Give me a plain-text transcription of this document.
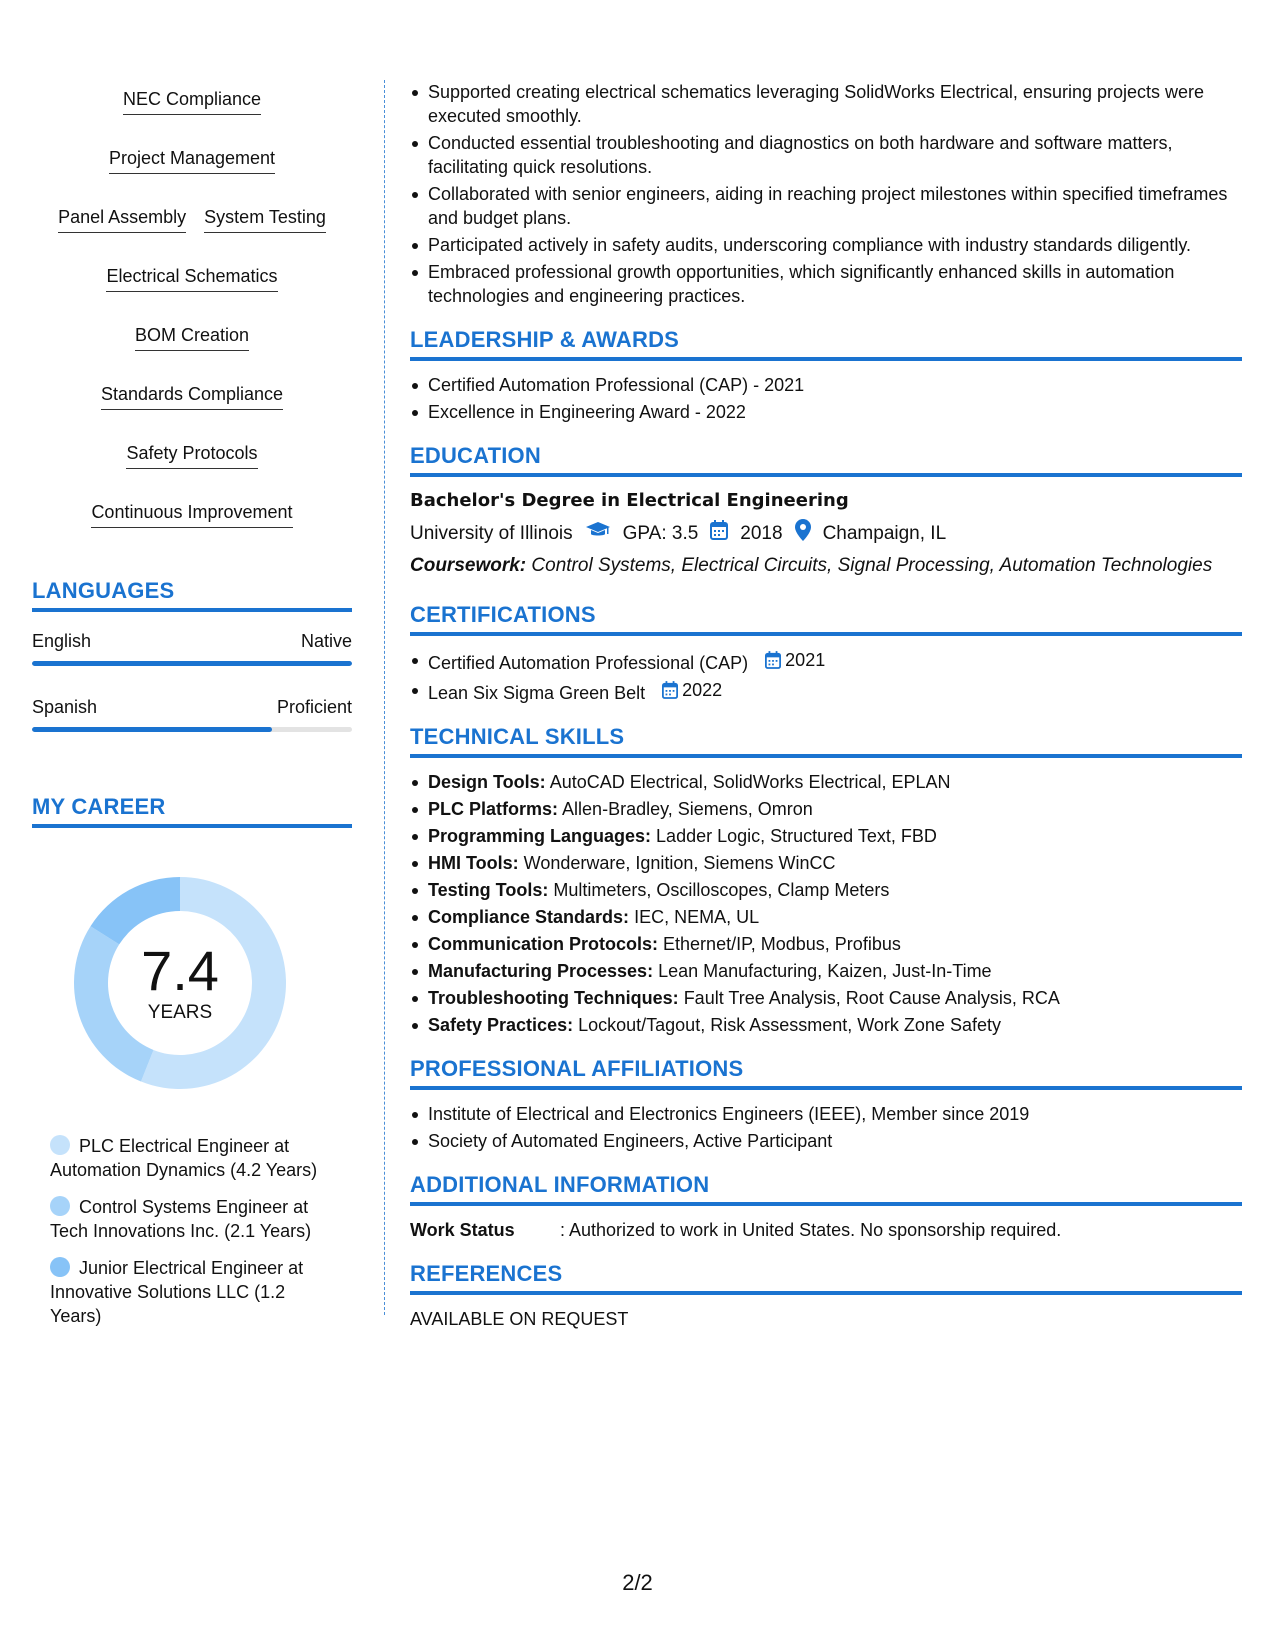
NEC Compliance
Project Management
Panel Assembly System Testing
Electrical Schematics
BOM Creation
Standards Compliance
Safety Protocols
Continuous Improvement
LANGUAGES
English	Native
Spanish	Proficient
MY CAREER
7.4
YEARS
PLC Electrical Engineer at Automation Dynamics (4.2 Years)
Control Systems Engineer at Tech Innovations Inc. (2.1 Years)
Junior Electrical Engineer at Innovative Solutions LLC (1.2 Years)
Supported creating electrical schematics leveraging SolidWorks Electrical, ensuring projects were executed smoothly.
Conducted essential troubleshooting and diagnostics on both hardware and software matters, facilitating quick resolutions.
Collaborated with senior engineers, aiding in reaching project milestones within specified timeframes and budget plans.
Participated actively in safety audits, underscoring compliance with industry standards diligently.
Embraced professional growth opportunities, which significantly enhanced skills in automation technologies and engineering practices.
LEADERSHIP & AWARDS
Certified Automation Professional (CAP) - 2021
Excellence in Engineering Award - 2022
EDUCATION
Bachelor's Degree in Electrical Engineering
University of Illinois	GPA: 3.5 2018 Champaign, IL
Coursework: Control Systems, Electrical Circuits, Signal Processing, Automation Technologies
CERTIFICATIONS
Certified Automation Professional (CAP) 2021
Lean Six Sigma Green Belt 2022
TECHNICAL SKILLS
Design Tools: AutoCAD Electrical, SolidWorks Electrical, EPLAN
PLC Platforms: Allen-Bradley, Siemens, Omron
Programming Languages: Ladder Logic, Structured Text, FBD
HMI Tools: Wonderware, Ignition, Siemens WinCC
Testing Tools: Multimeters, Oscilloscopes, Clamp Meters
Compliance Standards: IEC, NEMA, UL
Communication Protocols: Ethernet/IP, Modbus, Profibus
Manufacturing Processes: Lean Manufacturing, Kaizen, Just-In-Time
Troubleshooting Techniques: Fault Tree Analysis, Root Cause Analysis, RCA
Safety Practices: Lockout/Tagout, Risk Assessment, Work Zone Safety
PROFESSIONAL AFFILIATIONS
Institute of Electrical and Electronics Engineers (IEEE), Member since 2019
Society of Automated Engineers, Active Participant
ADDITIONAL INFORMATION
Work Status	: Authorized to work in United States. No sponsorship required.
REFERENCES
AVAILABLE ON REQUEST
2/2
